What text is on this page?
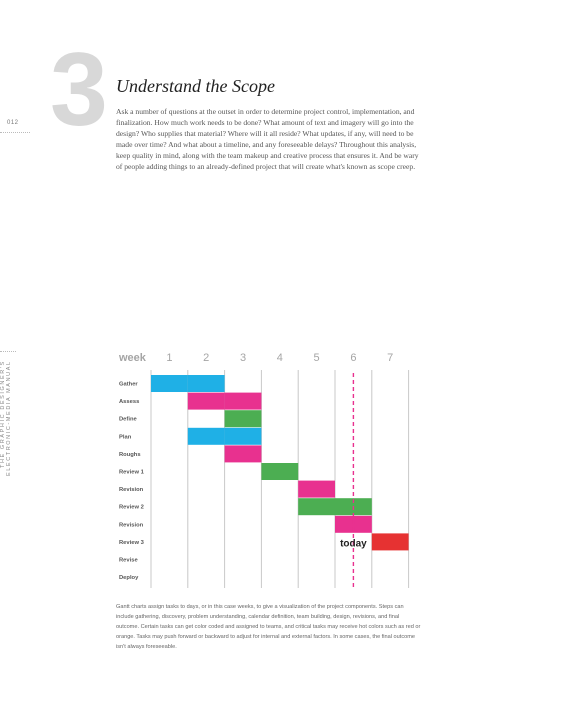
3
012
THE GRAPHIC DESIGNER'S ELECTRONIC-MEDIA MANUAL
Understand the Scope

Ask a number of questions at the outset in order to determine project control, implementation, and finalization. How much work needs to be done? What amount of text and imagery will go into the design? Who supplies that material? Where will it all reside? What updates, if any, will need to be made over time? And what about a timeline, and any foreseeable delays? Throughout this analysis, keep quality in mind, along with the team makeup and creative process that ensures it. And be wary of people adding things to an already-defined project that will create what's known as scope creep.

week 1	2	3	4	5	6	7
Gather
Assess
Define
Plan
Roughs
Review 1
Revision
Review 2
Revision
Review 3
Revise
Deploy
today

Gantt charts assign tasks to days, or in this case weeks, to give a visualization of the project components. Steps can include gathering, discovery, problem understanding, calendar definition, team building, design, revisions, and final outcome. Certain tasks can get color coded and assigned to teams, and critical tasks may receive hot colors such as red or orange. Tasks may push forward or backward to adjust for internal and external factors. In some cases, the final outcome isn't always foreseeable.
